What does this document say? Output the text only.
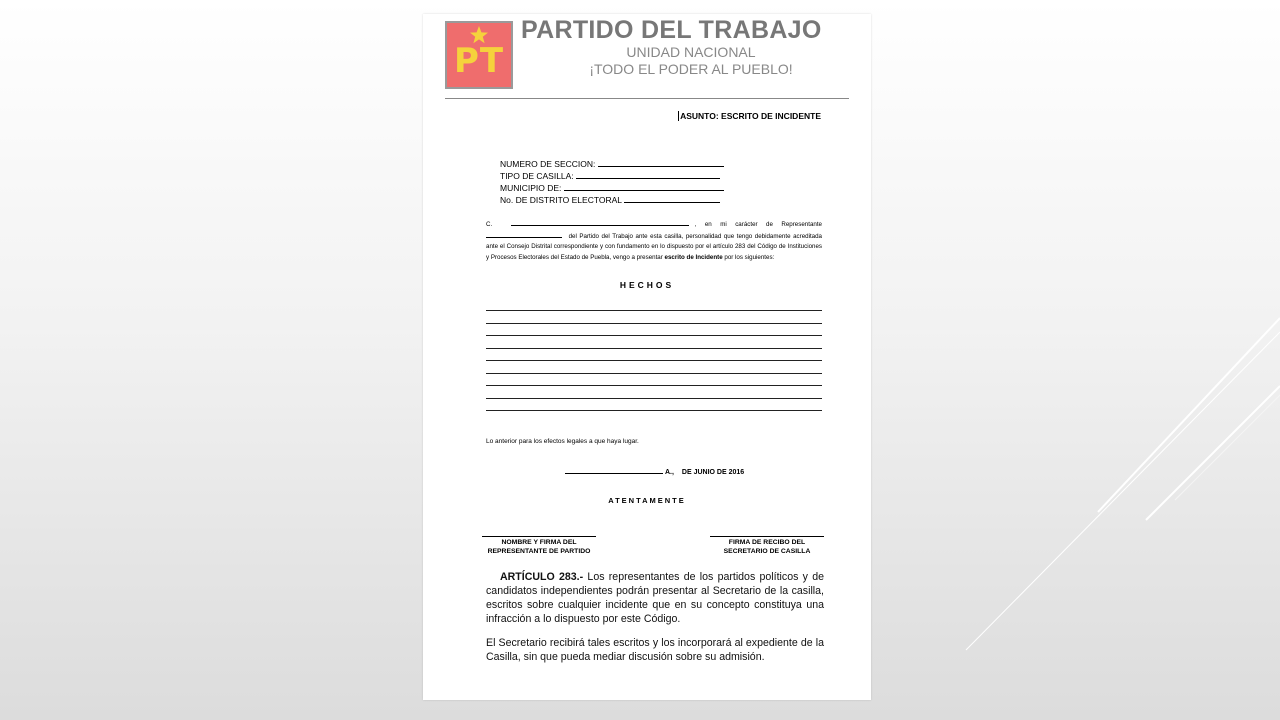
PT
PARTIDO DEL TRABAJO
UNIDAD NACIONAL
¡TODO EL PODER AL PUEBLO!
ASUNTO: ESCRITO DE INCIDENTE
NUMERO DE SECCION:
TIPO DE CASILLA:
MUNICIPIO DE:
No. DE DISTRITO ELECTORAL
C.	, en mi carácter de Representante  del Partido del Trabajo ante esta casilla, personalidad que tengo debidamente acreditada ante el Consejo Distrital correspondiente y con fundamento en lo dispuesto por el artículo 283 del Código de Instituciones y Procesos Electorales del Estado de Puebla, vengo a presentar escrito de Incidente por los siguientes:
HECHOS
Lo anterior para los efectos legales a que haya lugar.
A., DE JUNIO DE 2016
ATENTAMENTE
NOMBRE Y FIRMA DEL
REPRESENTANTE DE PARTIDO
FIRMA DE RECIBO DEL
SECRETARIO DE CASILLA

ARTÍCULO 283.- Los representantes de los partidos políticos y de candidatos independientes podrán presentar al Secretario de la casilla, escritos sobre cualquier incidente que en su concepto constituya una infracción a lo dispuesto por este Código.

El Secretario recibirá tales escritos y los incorporará al expediente de la Casilla, sin que pueda mediar discusión sobre su admisión.
